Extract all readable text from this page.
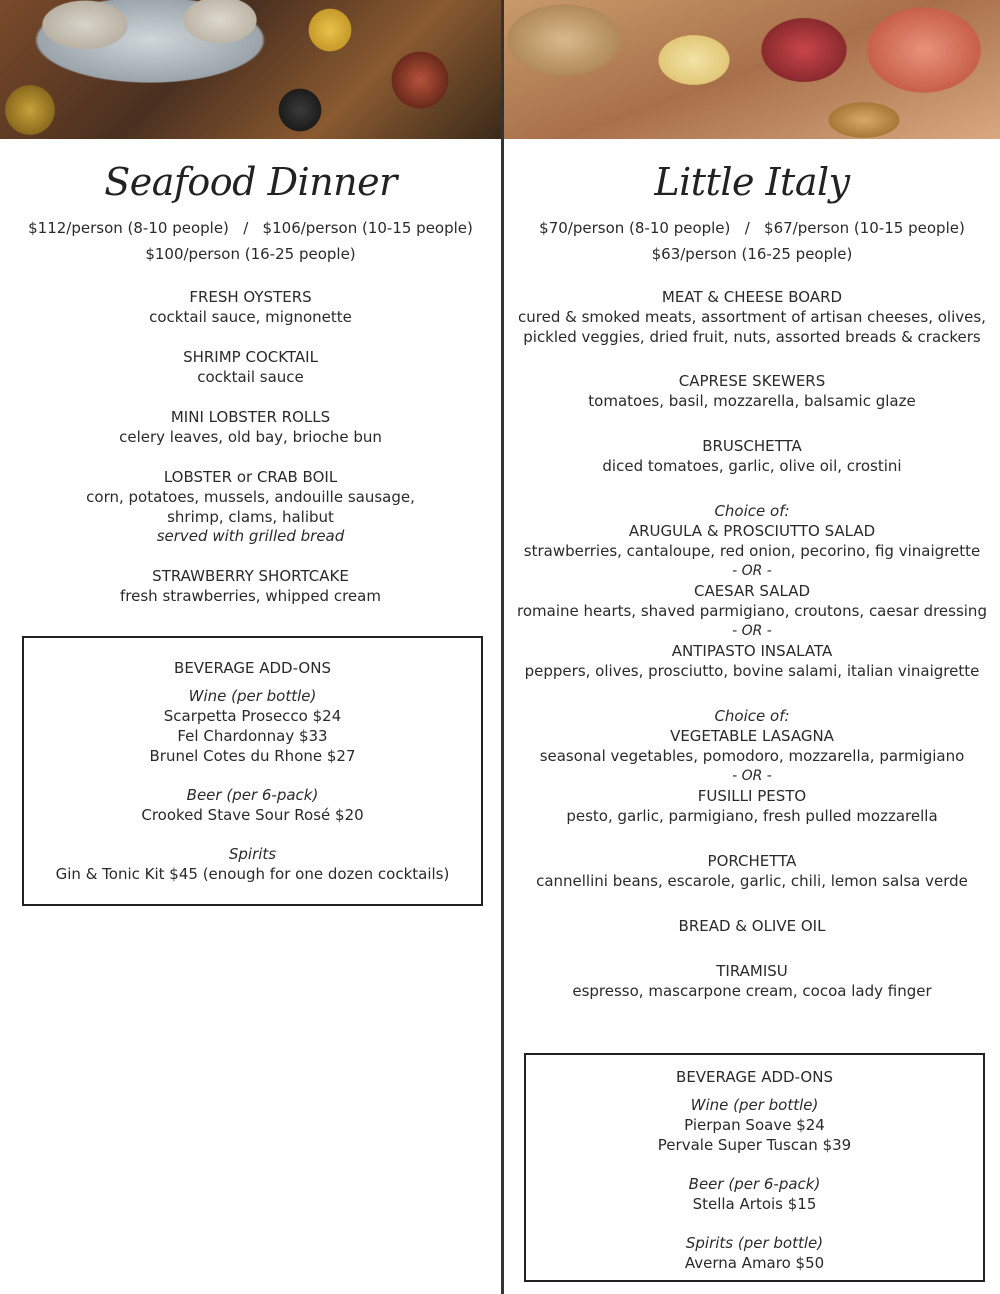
Seafood Dinner

$112/person (8-10 people)   /   $106/person (10-15 people)

$100/person (16-25 people)

FRESH OYSTERS
cocktail sauce, mignonette
SHRIMP COCKTAIL
cocktail sauce
MINI LOBSTER ROLLS
celery leaves, old bay, brioche bun
LOBSTER or CRAB BOIL
corn, potatoes, mussels, andouille sausage,
shrimp, clams, halibut
served with grilled bread
STRAWBERRY SHORTCAKE
fresh strawberries, whipped cream
BEVERAGE ADD-ONS
Wine (per bottle)
Scarpetta Prosecco $24
Fel Chardonnay $33
Brunel Cotes du Rhone $27
Beer (per 6-pack)
Crooked Stave Sour Rosé $20
Spirits
Gin & Tonic Kit $45 (enough for one dozen cocktails)
Little Italy

$70/person (8-10 people)   /   $67/person (10-15 people)

$63/person (16-25 people)

MEAT & CHEESE BOARD
cured & smoked meats, assortment of artisan cheeses, olives,
pickled veggies, dried fruit, nuts, assorted breads & crackers
CAPRESE SKEWERS
tomatoes, basil, mozzarella, balsamic glaze
BRUSCHETTA
diced tomatoes, garlic, olive oil, crostini
Choice of:
ARUGULA & PROSCIUTTO SALAD
strawberries, cantaloupe, red onion, pecorino, fig vinaigrette
- OR -
CAESAR SALAD
romaine hearts, shaved parmigiano, croutons, caesar dressing
- OR -
ANTIPASTO INSALATA
peppers, olives, prosciutto, bovine salami, italian vinaigrette
Choice of:
VEGETABLE LASAGNA
seasonal vegetables, pomodoro, mozzarella, parmigiano
- OR -
FUSILLI PESTO
pesto, garlic, parmigiano, fresh pulled mozzarella
PORCHETTA
cannellini beans, escarole, garlic, chili, lemon salsa verde
BREAD & OLIVE OIL
TIRAMISU
espresso, mascarpone cream, cocoa lady finger
BEVERAGE ADD-ONS
Wine (per bottle)
Pierpan Soave $24
Pervale Super Tuscan $39
Beer (per 6-pack)
Stella Artois $15
Spirits (per bottle)
Averna Amaro $50
